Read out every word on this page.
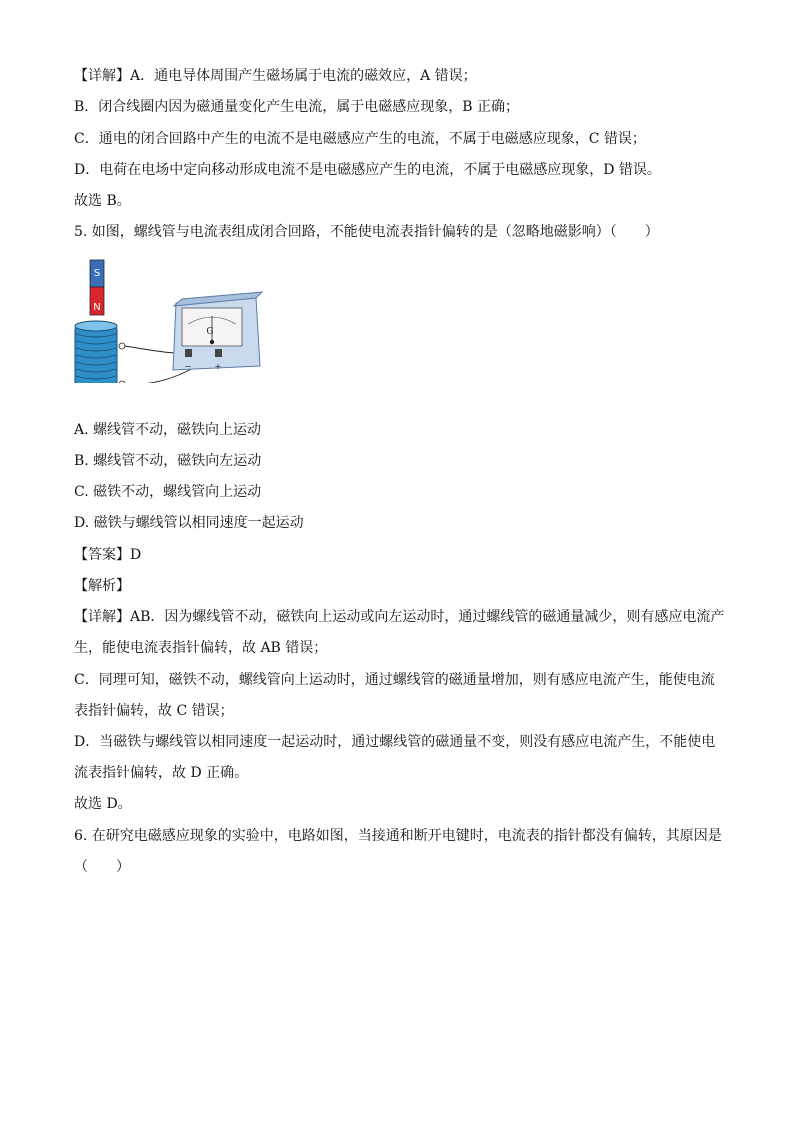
【详解】A．通电导体周围产生磁场属于电流的磁效应，A 错误；
B．闭合线圈内因为磁通量变化产生电流，属于电磁感应现象，B 正确；
C．通电的闭合回路中产生的电流不是电磁感应产生的电流，不属于电磁感应现象，C 错误；
D．电荷在电场中定向移动形成电流不是电磁感应产生的电流，不属于电磁感应现象，D 错误。
故选 B。
5. 如图，螺线管与电流表组成闭合回路，不能使电流表指针偏转的是（忽略地磁影响）（　　）
S
N
G
−	+
A. 螺线管不动，磁铁向上运动
B. 螺线管不动，磁铁向左运动
C. 磁铁不动，螺线管向上运动
D. 磁铁与螺线管以相同速度一起运动
【答案】D
【解析】
【详解】AB．因为螺线管不动，磁铁向上运动或向左运动时，通过螺线管的磁通量减少，则有感应电流产
生，能使电流表指针偏转，故 AB 错误；
C．同理可知，磁铁不动，螺线管向上运动时，通过螺线管的磁通量增加，则有感应电流产生，能使电流
表指针偏转，故 C 错误；
D．当磁铁与螺线管以相同速度一起运动时，通过螺线管的磁通量不变，则没有感应电流产生，不能使电
流表指针偏转，故 D 正确。
故选 D。
6. 在研究电磁感应现象的实验中，电路如图，当接通和断开电键时，电流表的指针都没有偏转，其原因是
（　　）
